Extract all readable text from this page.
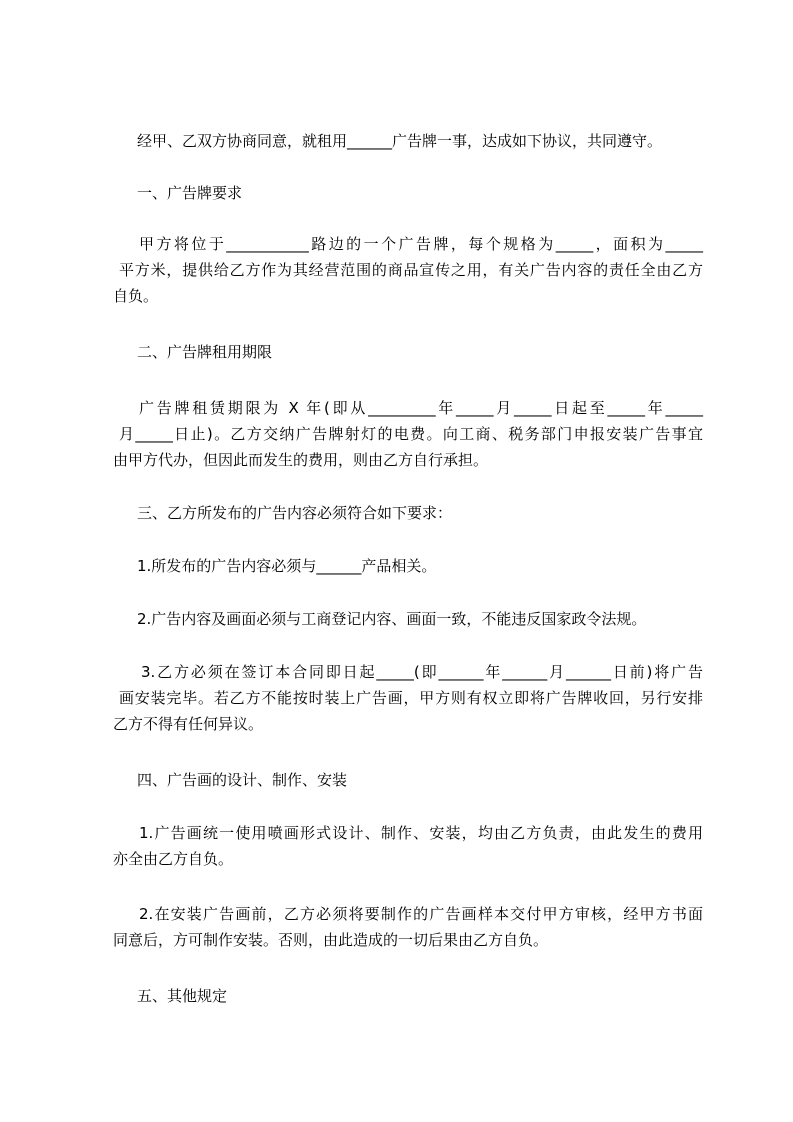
经甲、乙双方协商同意，就租用______广告牌一事，达成如下协议，共同遵守。
一、广告牌要求
甲方将位于___________路边的一个广告牌，每个规格为_____，面积为_____
平方米，提供给乙方作为其经营范围的商品宣传之用，有关广告内容的责任全由乙方
自负。
二、广告牌租用期限
广告牌租赁期限为 X 年(即从_________年_____月_____日起至_____年_____
月_____日止)。乙方交纳广告牌射灯的电费。向工商、税务部门申报安装广告事宜
由甲方代办，但因此而发生的费用，则由乙方自行承担。
三、乙方所发布的广告内容必须符合如下要求：
1.所发布的广告内容必须与______产品相关。
2.广告内容及画面必须与工商登记内容、画面一致，不能违反国家政令法规。
3.乙方必须在签订本合同即日起_____(即______年______月______日前)将广告
画安装完毕。若乙方不能按时装上广告画，甲方则有权立即将广告牌收回，另行安排
乙方不得有任何异议。
四、广告画的设计、制作、安装
1.广告画统一使用喷画形式设计、制作、安装，均由乙方负责，由此发生的费用
亦全由乙方自负。
2.在安装广告画前，乙方必须将要制作的广告画样本交付甲方审核，经甲方书面
同意后，方可制作安装。否则，由此造成的一切后果由乙方自负。
五、其他规定
